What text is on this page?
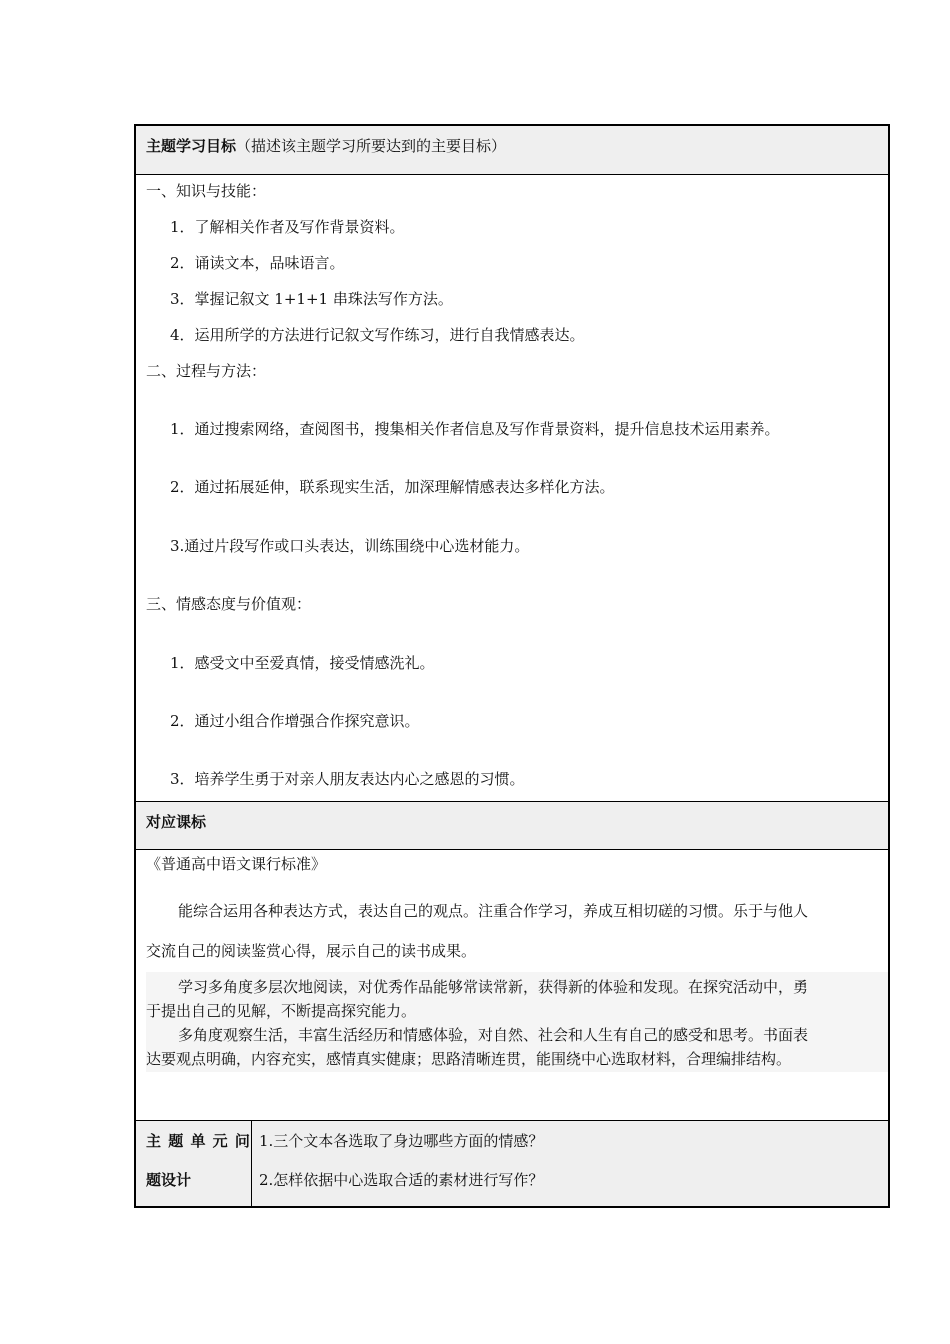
主题学习目标（描述该主题学习所要达到的主要目标）
一、知识与技能：
1．了解相关作者及写作背景资料。
2．诵读文本，品味语言。
3．掌握记叙文 1+1+1 串珠法写作方法。
4．运用所学的方法进行记叙文写作练习，进行自我情感表达。
二、过程与方法：
1．通过搜索网络，查阅图书，搜集相关作者信息及写作背景资料，提升信息技术运用素养。
2．通过拓展延伸，联系现实生活，加深理解情感表达多样化方法。
3.通过片段写作或口头表达，训练围绕中心选材能力。
三、情感态度与价值观：
1．感受文中至爱真情，接受情感洗礼。
2．通过小组合作增强合作探究意识。
3．培养学生勇于对亲人朋友表达内心之感恩的习惯。
对应课标
《普通高中语文课行标准》
能综合运用各种表达方式，表达自己的观点。注重合作学习，养成互相切磋的习惯。乐于与他人
交流自己的阅读鉴赏心得，展示自己的读书成果。
学习多角度多层次地阅读，对优秀作品能够常读常新，获得新的体验和发现。在探究活动中，勇
于提出自己的见解，不断提高探究能力。
多角度观察生活，丰富生活经历和情感体验，对自然、社会和人生有自己的感受和思考。书面表
达要观点明确，内容充实，感情真实健康；思路清晰连贯，能围绕中心选取材料，合理编排结构。
主 题 单 元 问
题设计
1.三个文本各选取了身边哪些方面的情感？
2.怎样依据中心选取合适的素材进行写作？
